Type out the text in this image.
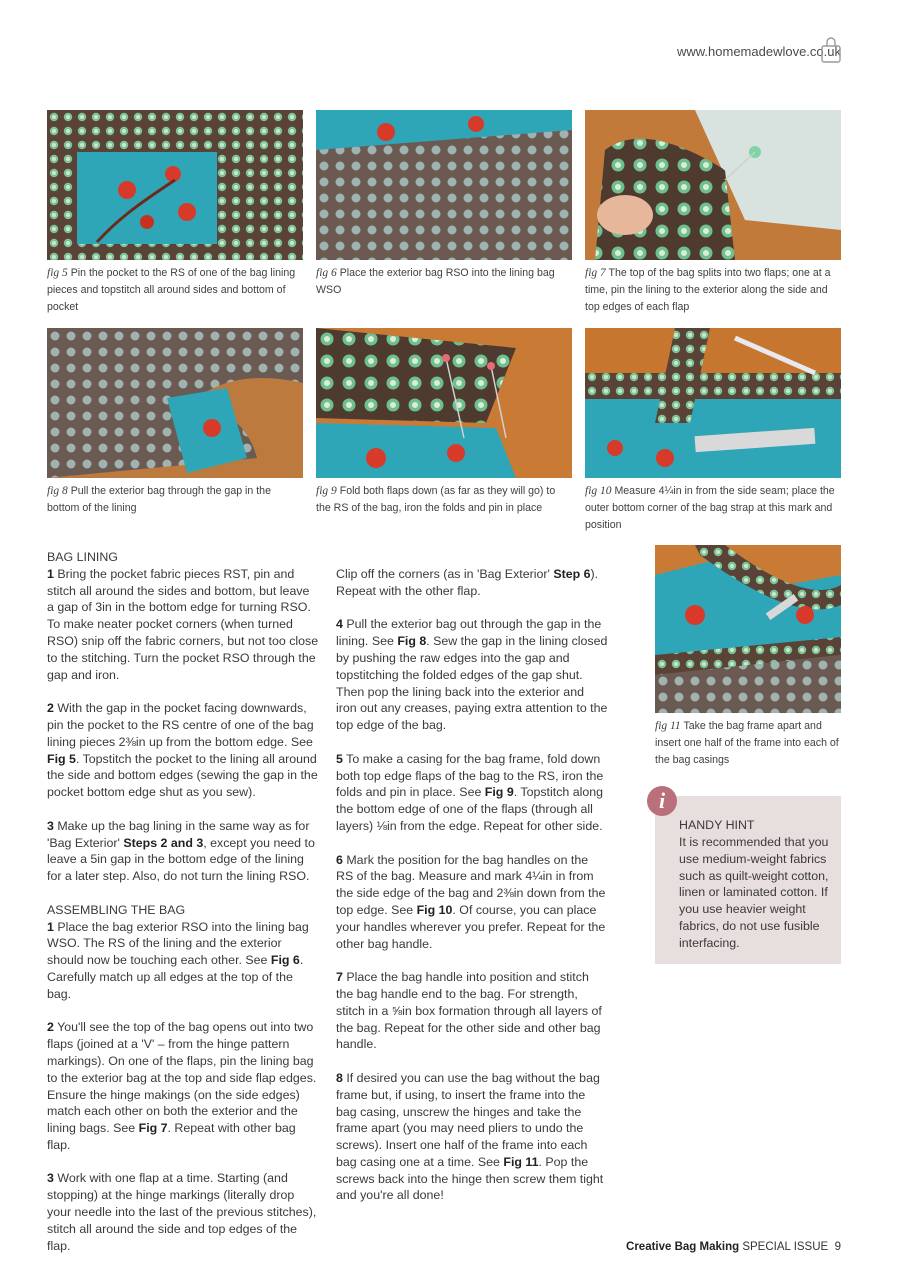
www.homemadewlove.co.uk
fig 5 Pin the pocket to the RS of one of the bag lining pieces and topstitch all around sides and bottom of pocket
fig 6 Place the exterior bag RSO into the lining bag WSO
fig 7 The top of the bag splits into two flaps; one at a time, pin the lining to the exterior along the side and top edges of each flap
fig 8 Pull the exterior bag through the gap in the bottom of the lining
fig 9 Fold both flaps down (as far as they will go) to the RS of the bag, iron the folds and pin in place
fig 10 Measure 4¼in in from the side seam; place the outer bottom corner of the bag strap at this mark and position
fig 11 Take the bag frame apart and insert one half of the frame into each of the bag casings
BAG LINING

1 Bring the pocket fabric pieces RST, pin and stitch all around the sides and bottom, but leave a gap of 3in in the bottom edge for turning RSO. To make neater pocket corners (when turned RSO) snip off the fabric corners, but not too close to the stitching. Turn the pocket RSO through the gap and iron.

2 With the gap in the pocket facing downwards, pin the pocket to the RS centre of one of the bag lining pieces 2⅜in up from the bottom edge. See Fig 5. Topstitch the pocket to the lining all around the side and bottom edges (sewing the gap in the pocket bottom edge shut as you sew).

3 Make up the bag lining in the same way as for 'Bag Exterior' Steps 2 and 3, except you need to leave a 5in gap in the bottom edge of the lining for a later step. Also, do not turn the lining RSO.

ASSEMBLING THE BAG

1 Place the bag exterior RSO into the lining bag WSO. The RS of the lining and the exterior should now be touching each other. See Fig 6. Carefully match up all edges at the top of the bag.

2 You'll see the top of the bag opens out into two flaps (joined at a 'V' – from the hinge pattern markings). On one of the flaps, pin the lining bag to the exterior bag at the top and side flap edges. Ensure the hinge makings (on the side edges) match each other on both the exterior and the lining bags. See Fig 7. Repeat with other bag flap.

3 Work with one flap at a time. Starting (and stopping) at the hinge markings (literally drop your needle into the last of the previous stitches), stitch all around the side and top edges of the flap.

Clip off the corners (as in 'Bag Exterior' Step 6). Repeat with the other flap.

4 Pull the exterior bag out through the gap in the lining. See Fig 8. Sew the gap in the lining closed by pushing the raw edges into the gap and topstitching the folded edges of the gap shut. Then pop the lining back into the exterior and iron out any creases, paying extra attention to the top edge of the bag.

5 To make a casing for the bag frame, fold down both top edge flaps of the bag to the RS, iron the folds and pin in place. See Fig 9. Topstitch along the bottom edge of one of the flaps (through all layers) ⅛in from the edge. Repeat for other side.

6 Mark the position for the bag handles on the RS of the bag. Measure and mark 4¼in in from the side edge of the bag and 2⅜in down from the top edge. See Fig 10. Of course, you can place your handles wherever you prefer. Repeat for the other bag handle.

7 Place the bag handle into position and stitch the bag handle end to the bag. For strength, stitch in a ⅝in box formation through all layers of the bag. Repeat for the other side and other bag handle.

8 If desired you can use the bag without the bag frame but, if using, to insert the frame into the bag casing, unscrew the hinges and take the frame apart (you may need pliers to undo the screws). Insert one half of the frame into each bag casing one at a time. See Fig 11. Pop the screws back into the hinge then screw them tight and you're all done!

i
HANDY HINT
It is recommended that you use medium-weight fabrics such as quilt-weight cotton, linen or laminated cotton. If you use heavier weight fabrics, do not use fusible interfacing.
Creative Bag Making SPECIAL ISSUE 9
